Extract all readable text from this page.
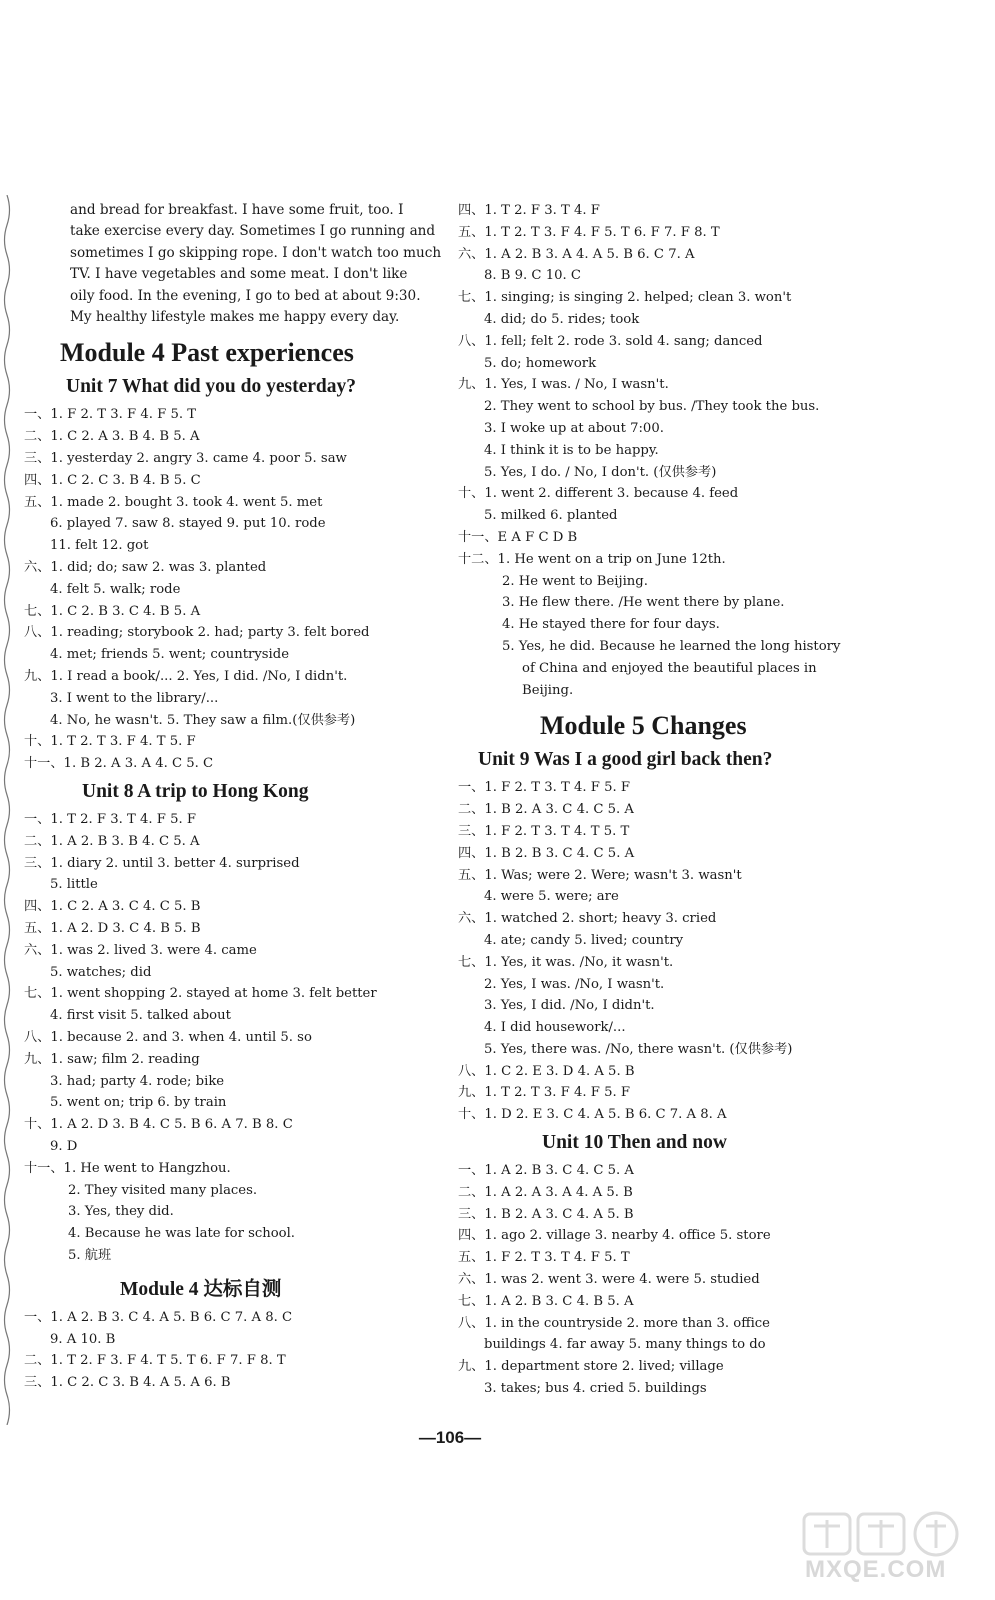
and bread for breakfast. I have some fruit, too. I
take exercise every day. Sometimes I go running and
sometimes I go skipping rope. I don't watch too much
TV. I have vegetables and some meat. I don't like
oily food. In the evening, I go to bed at about 9:30.
My healthy lifestyle makes me happy every day.
Module 4 Past experiences
Unit 7 What did you do yesterday?
一、1. F 2. T 3. F 4. F 5. T
二、1. C 2. A 3. B 4. B 5. A
三、1. yesterday 2. angry 3. came 4. poor 5. saw
四、1. C 2. C 3. B 4. B 5. C
五、1. made 2. bought 3. took 4. went 5. met
6. played 7. saw 8. stayed 9. put 10. rode
11. felt 12. got
六、1. did; do; saw 2. was 3. planted
4. felt 5. walk; rode
七、1. C 2. B 3. C 4. B 5. A
八、1. reading; storybook 2. had; party 3. felt bored
4. met; friends 5. went; countryside
九、1. I read a book/... 2. Yes, I did. /No, I didn't.
3. I went to the library/...
4. No, he wasn't. 5. They saw a film.(仅供参考)
十、1. T 2. T 3. F 4. T 5. F
十一、1. B 2. A 3. A 4. C 5. C
Unit 8 A trip to Hong Kong
一、1. T 2. F 3. T 4. F 5. F
二、1. A 2. B 3. B 4. C 5. A
三、1. diary 2. until 3. better 4. surprised
5. little
四、1. C 2. A 3. C 4. C 5. B
五、1. A 2. D 3. C 4. B 5. B
六、1. was 2. lived 3. were 4. came
5. watches; did
七、1. went shopping 2. stayed at home 3. felt better
4. first visit 5. talked about
八、1. because 2. and 3. when 4. until 5. so
九、1. saw; film 2. reading
3. had; party 4. rode; bike
5. went on; trip 6. by train
十、1. A 2. D 3. B 4. C 5. B 6. A 7. B 8. C
9. D
十一、1. He went to Hangzhou.
2. They visited many places.
3. Yes, they did.
4. Because he was late for school.
5. 航班
Module 4 达标自测
一、1. A 2. B 3. C 4. A 5. B 6. C 7. A 8. C
9. A 10. B
二、1. T 2. F 3. F 4. T 5. T 6. F 7. F 8. T
三、1. C 2. C 3. B 4. A 5. A 6. B
四、1. T 2. F 3. T 4. F
五、1. T 2. T 3. F 4. F 5. T 6. F 7. F 8. T
六、1. A 2. B 3. A 4. A 5. B 6. C 7. A
8. B 9. C 10. C
七、1. singing; is singing 2. helped; clean 3. won't
4. did; do 5. rides; took
八、1. fell; felt 2. rode 3. sold 4. sang; danced
5. do; homework
九、1. Yes, I was. / No, I wasn't.
2. They went to school by bus. /They took the bus.
3. I woke up at about 7:00.
4. I think it is to be happy.
5. Yes, I do. / No, I don't. (仅供参考)
十、1. went 2. different 3. because 4. feed
5. milked 6. planted
十一、E A F C D B
十二、1. He went on a trip on June 12th.
2. He went to Beijing.
3. He flew there. /He went there by plane.
4. He stayed there for four days.
5. Yes, he did. Because he learned the long history
of China and enjoyed the beautiful places in
Beijing.
Module 5 Changes
Unit 9 Was I a good girl back then?
一、1. F 2. T 3. T 4. F 5. F
二、1. B 2. A 3. C 4. C 5. A
三、1. F 2. T 3. T 4. T 5. T
四、1. B 2. B 3. C 4. C 5. A
五、1. Was; were 2. Were; wasn't 3. wasn't
4. were 5. were; are
六、1. watched 2. short; heavy 3. cried
4. ate; candy 5. lived; country
七、1. Yes, it was. /No, it wasn't.
2. Yes, I was. /No, I wasn't.
3. Yes, I did. /No, I didn't.
4. I did housework/...
5. Yes, there was. /No, there wasn't. (仅供参考)
八、1. C 2. E 3. D 4. A 5. B
九、1. T 2. T 3. F 4. F 5. F
十、1. D 2. E 3. C 4. A 5. B 6. C 7. A 8. A
Unit 10 Then and now
一、1. A 2. B 3. C 4. C 5. A
二、1. A 2. A 3. A 4. A 5. B
三、1. B 2. A 3. C 4. A 5. B
四、1. ago 2. village 3. nearby 4. office 5. store
五、1. F 2. T 3. T 4. F 5. T
六、1. was 2. went 3. were 4. were 5. studied
七、1. A 2. B 3. C 4. B 5. A
八、1. in the countryside 2. more than 3. office
buildings 4. far away 5. many things to do
九、1. department store 2. lived; village
3. takes; bus 4. cried 5. buildings
—106—
MXQE.COM
